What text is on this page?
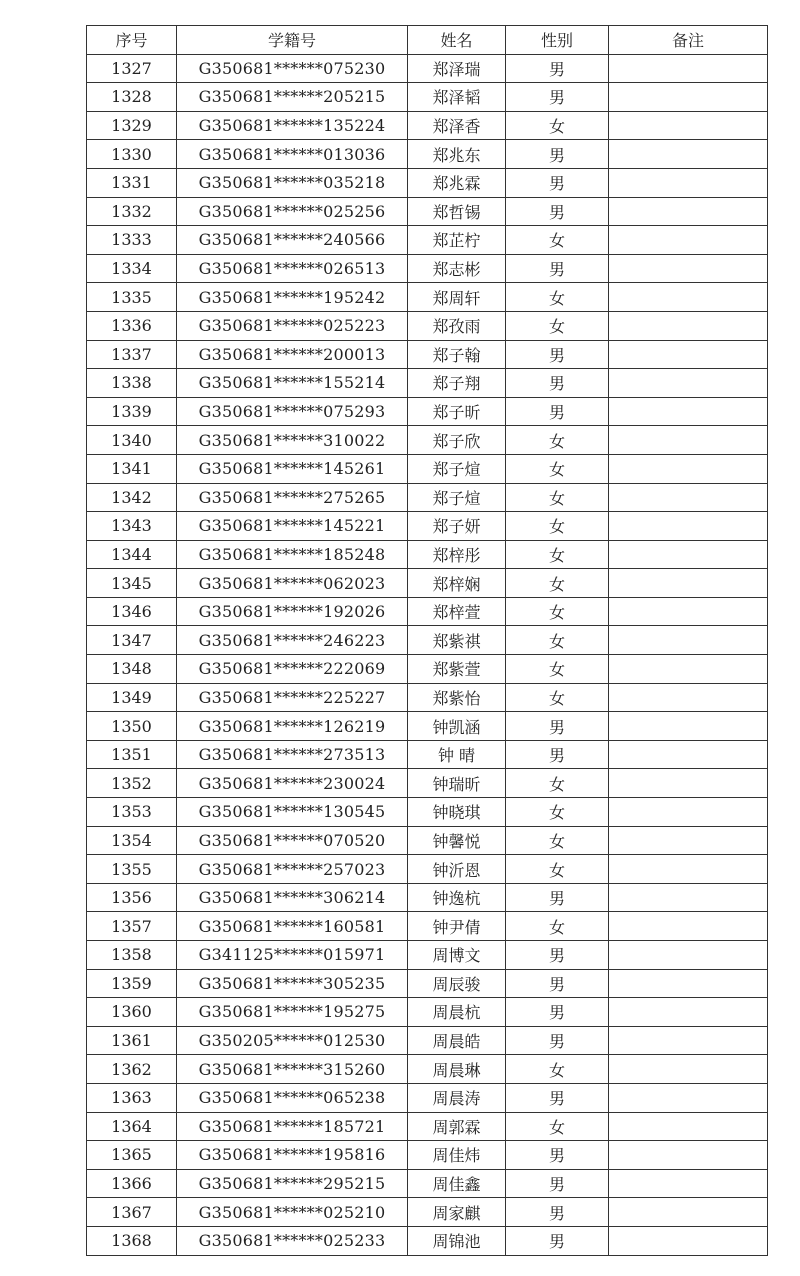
序号	学籍号	姓名	性别	备注
1327	G350681******075230	郑泽瑞	男	
1328	G350681******205215	郑泽韬	男	
1329	G350681******135224	郑泽香	女	
1330	G350681******013036	郑兆东	男	
1331	G350681******035218	郑兆霖	男	
1332	G350681******025256	郑哲锡	男	
1333	G350681******240566	郑芷柠	女	
1334	G350681******026513	郑志彬	男	
1335	G350681******195242	郑周轩	女	
1336	G350681******025223	郑孜雨	女	
1337	G350681******200013	郑子翰	男	
1338	G350681******155214	郑子翔	男	
1339	G350681******075293	郑子昕	男	
1340	G350681******310022	郑子欣	女	
1341	G350681******145261	郑子煊	女	
1342	G350681******275265	郑子煊	女	
1343	G350681******145221	郑子妍	女	
1344	G350681******185248	郑梓彤	女	
1345	G350681******062023	郑梓娴	女	
1346	G350681******192026	郑梓萱	女	
1347	G350681******246223	郑紫祺	女	
1348	G350681******222069	郑紫萱	女	
1349	G350681******225227	郑紫怡	女	
1350	G350681******126219	钟凯涵	男	
1351	G350681******273513	钟 晴	男	
1352	G350681******230024	钟瑞昕	女	
1353	G350681******130545	钟晓琪	女	
1354	G350681******070520	钟馨悦	女	
1355	G350681******257023	钟沂恩	女	
1356	G350681******306214	钟逸杭	男	
1357	G350681******160581	钟尹倩	女	
1358	G341125******015971	周博文	男	
1359	G350681******305235	周辰骏	男	
1360	G350681******195275	周晨杭	男	
1361	G350205******012530	周晨皓	男	
1362	G350681******315260	周晨琳	女	
1363	G350681******065238	周晨涛	男	
1364	G350681******185721	周郭霖	女	
1365	G350681******195816	周佳炜	男	
1366	G350681******295215	周佳鑫	男	
1367	G350681******025210	周家麒	男	
1368	G350681******025233	周锦池	男	
